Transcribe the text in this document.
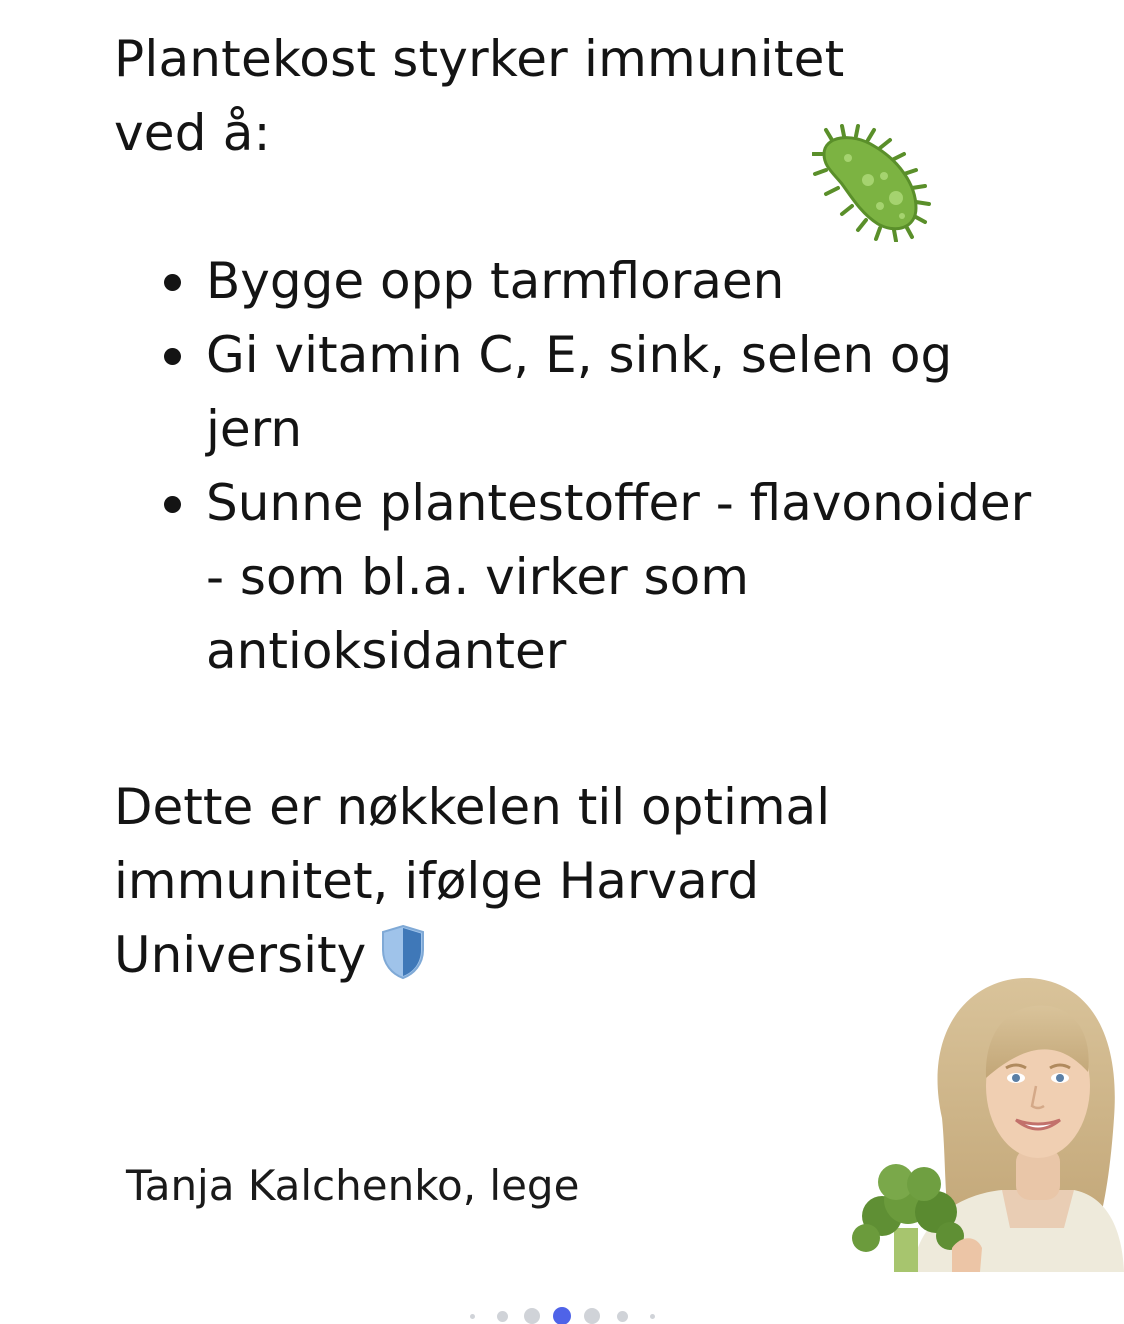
Plantekost styrker immunitet ved å:
Bygge opp tarmfloraen
Gi vitamin C, E, sink, selen og jern
Sunne plantestoffer - flavonoider - som bl.a. virker som antioksidanter

Dette er nøkkelen til optimal immunitet, ifølge Harvard University

Tanja Kalchenko, lege
